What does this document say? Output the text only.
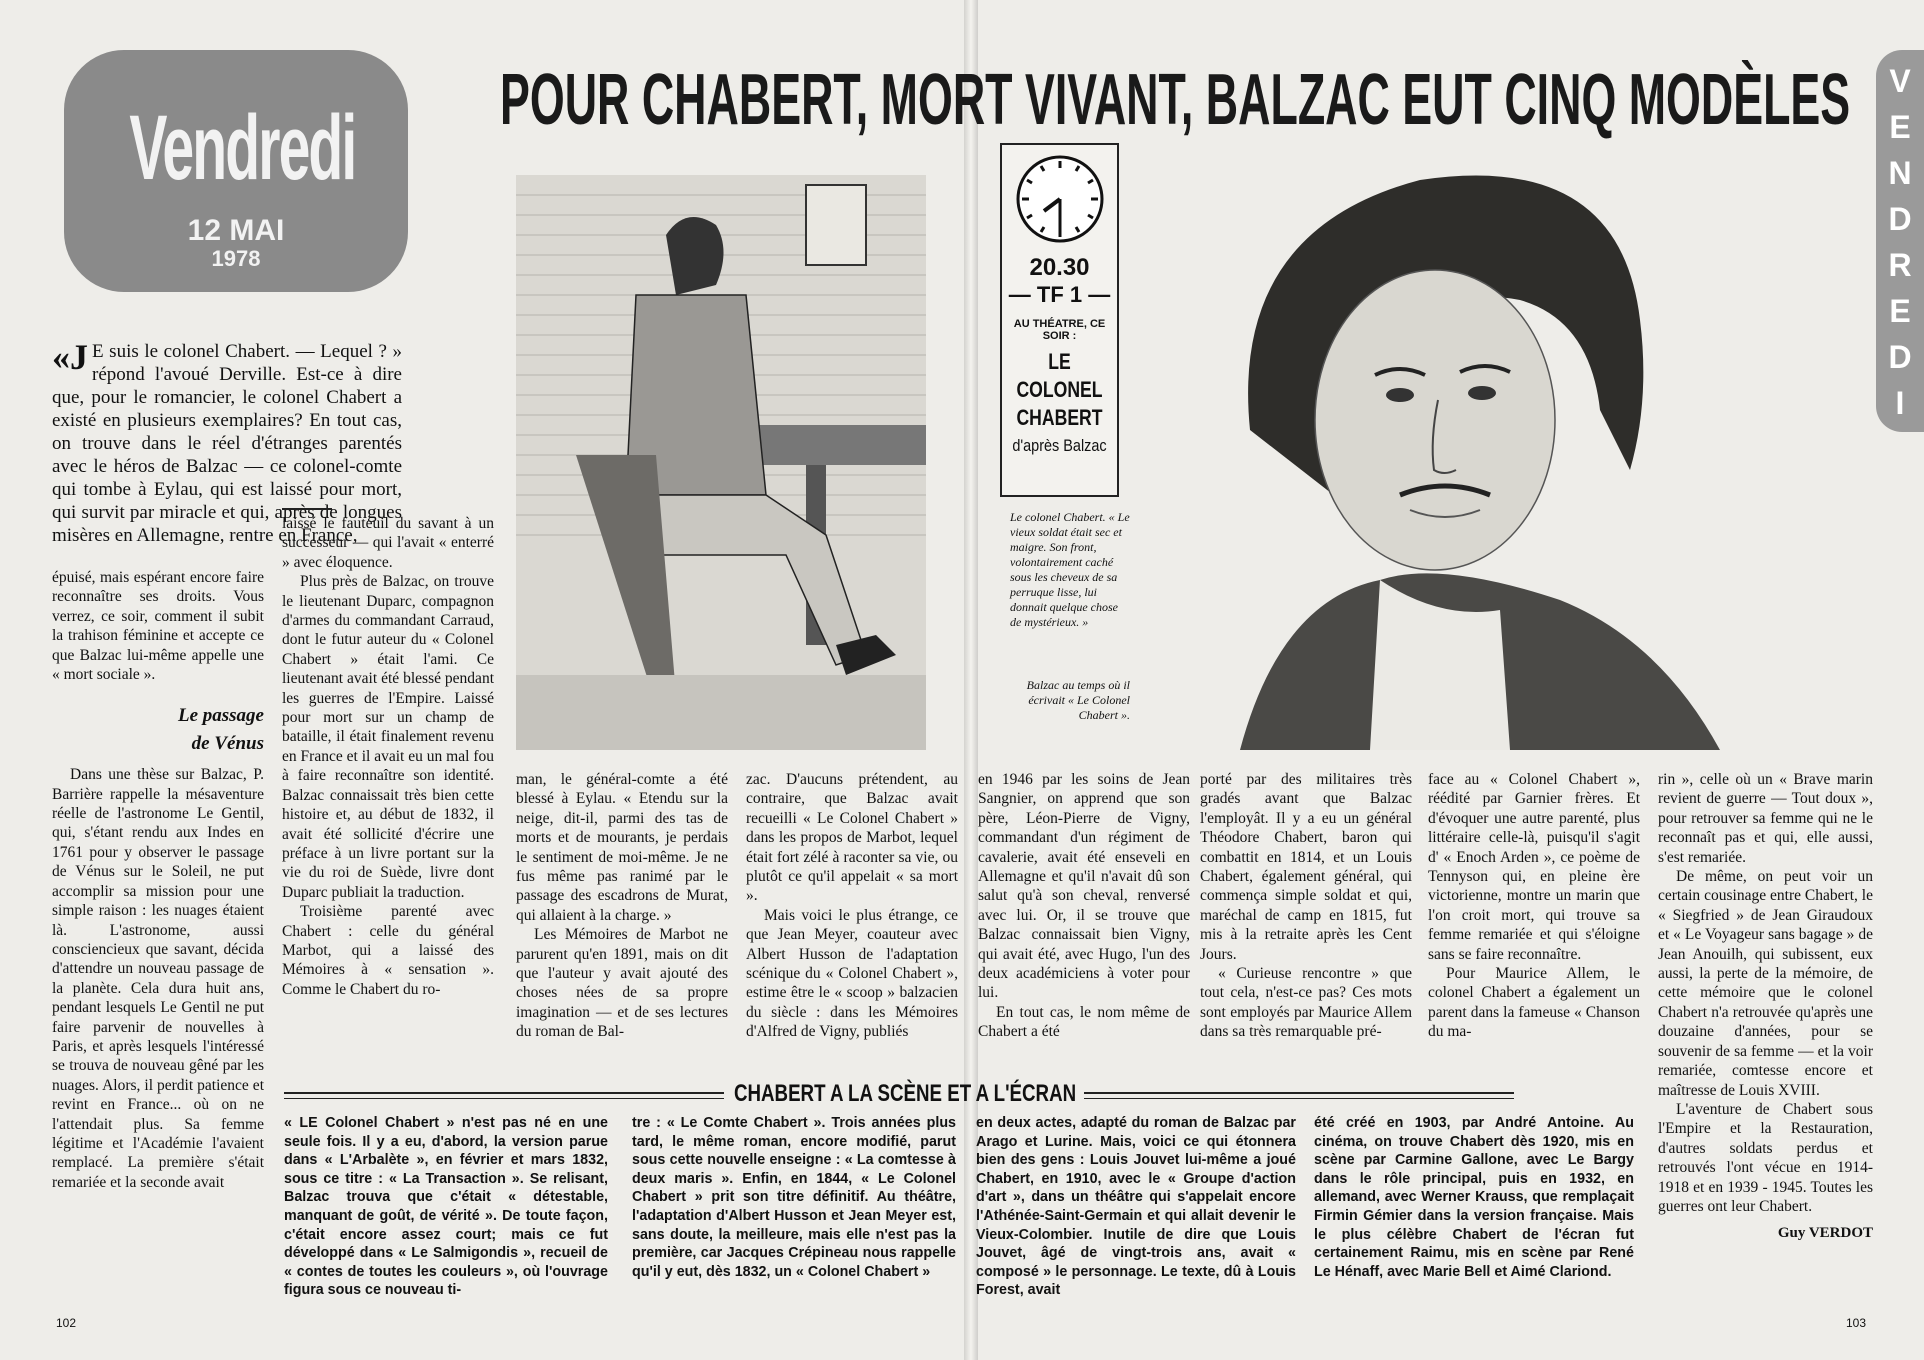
Vendredi
12 MAI
1978
POUR CHABERT, MORT VIVANT, BALZAC EUT CINQ MODÈLES	V
E
N
D
R
E
D
I
«J E suis le colonel Chabert. — Lequel ? » répond l'avoué Derville. Est-ce à dire que, pour le romancier, le colonel Chabert a existé en plusieurs exemplaires? En tout cas, on trouve dans le réel d'étranges parentés avec le héros de Balzac — ce colonel-comte qui tombe à Eylau, qui est laissé pour mort, qui survit par miracle et qui, après de longues misères en Allemagne, rentre en France,

épuisé, mais espérant encore faire reconnaître ses droits. Vous verrez, ce soir, comment il subit la trahison féminine et accepte ce que Balzac lui-même appelle une « mort sociale ».

Le passage
de Vénus

Dans une thèse sur Balzac, P. Barrière rappelle la mésaventure réelle de l'astronome Le Gentil, qui, s'étant rendu aux Indes en 1761 pour y observer le passage de Vénus sur le Soleil, ne put accomplir sa mission pour une simple raison : les nuages étaient là. L'astronome, aussi consciencieux que savant, décida d'attendre un nouveau passage de la planète. Cela dura huit ans, pendant lesquels Le Gentil ne put faire parvenir de nouvelles à Paris, et après lesquels l'intéressé se trouva de nouveau gêné par les nuages. Alors, il perdit patience et revint en France... où on ne l'attendait plus. Sa femme légitime et l'Académie l'avaient remplacé. La première s'était remariée et la seconde avait

laissé le fauteuil du savant à un successeur — qui l'avait « enterré » avec éloquence.

Plus près de Balzac, on trouve le lieutenant Duparc, compagnon d'armes du commandant Carraud, dont le futur auteur du « Colonel Chabert » était l'ami. Ce lieutenant avait été blessé pendant les guerres de l'Empire. Laissé pour mort sur un champ de bataille, il était finalement revenu en France et il avait eu un mal fou à faire reconnaître son identité. Balzac connaissait très bien cette histoire et, au début de 1832, il avait été sollicité d'écrire une préface à un livre portant sur la vie du roi de Suède, livre dont Duparc publiait la traduction.

Troisième parenté avec Chabert : celle du général Marbot, qui a laissé des Mémoires à « sensation ». Comme le Chabert du ro-

man, le général-comte a été blessé à Eylau. « Etendu sur la neige, dit-il, parmi des tas de morts et de mourants, je perdais le sentiment de moi-même. Je ne fus même pas ranimé par le passage des escadrons de Murat, qui allaient à la charge. »

Les Mémoires de Marbot ne parurent qu'en 1891, mais on dit que l'auteur y avait ajouté des choses nées de sa propre imagination — et de ses lectures du roman de Bal-

zac. D'aucuns prétendent, au contraire, que Balzac avait recueilli « Le Colonel Chabert » dans les propos de Marbot, lequel était fort zélé à raconter sa vie, ou plutôt ce qu'il appelait « sa mort ».

Mais voici le plus étrange, ce que Jean Meyer, coauteur avec Albert Husson de l'adaptation scénique du « Colonel Chabert », estime être le « scoop » balzacien du siècle : dans les Mémoires d'Alfred de Vigny, publiés

20.30
— TF 1 —
AU THÉATRE, CE SOIR :
LE COLONEL
CHABERT
d'après Balzac
Le colonel Chabert. « Le vieux soldat était sec et maigre. Son front, volontairement caché sous les cheveux de sa perruque lisse, lui donnait quelque chose de mystérieux. »
Balzac au temps où il écrivait « Le Colonel Chabert ».

en 1946 par les soins de Jean Sangnier, on apprend que son père, Léon-Pierre de Vigny, commandant d'un régiment de cavalerie, avait été enseveli en Allemagne et qu'il n'avait dû son salut qu'à son cheval, renversé avec lui. Or, il se trouve que Balzac connaissait bien Vigny, qui avait été, avec Hugo, l'un des deux académiciens à voter pour lui.

En tout cas, le nom même de Chabert a été

porté par des militaires très gradés avant que Balzac l'employât. Il y a eu un général Théodore Chabert, baron qui combattit en 1814, et un Louis Chabert, également général, qui commença simple soldat et qui, maréchal de camp en 1815, fut mis à la retraite après les Cent Jours.

« Curieuse rencontre » que tout cela, n'est-ce pas? Ces mots sont employés par Maurice Allem dans sa très remarquable pré-

face au « Colonel Chabert », réédité par Garnier frères. Et d'évoquer une autre parenté, plus littéraire celle-là, puisqu'il s'agit d' « Enoch Arden », ce poème de Tennyson qui, en pleine ère victorienne, montre un marin que l'on croit mort, qui trouve sa femme remariée et qui s'éloigne sans se faire reconnaître.

Pour Maurice Allem, le colonel Chabert a également un parent dans la fameuse « Chanson du ma-

rin », celle où un « Brave marin revient de guerre — Tout doux », pour retrouver sa femme qui ne le reconnaît pas et qui, elle aussi, s'est remariée.

De même, on peut voir un certain cousinage entre Chabert, le « Siegfried » de Jean Giraudoux et « Le Voyageur sans bagage » de Jean Anouilh, qui subissent, eux aussi, la perte de la mémoire, de cette mémoire que le colonel Chabert n'a retrouvée qu'après une douzaine d'années, pour se souvenir de sa femme — et la voir remariée, comtesse encore et maîtresse de Louis XVIII.

L'aventure de Chabert sous l'Empire et la Restauration, d'autres soldats perdus et retrouvés l'ont vécue en 1914-1918 et en 1939 - 1945. Toutes les guerres ont leur Chabert.

Guy VERDOT
CHABERT A LA SCÈNE ET A L'ÉCRAN
« LE Colonel Chabert » n'est pas né en une seule fois. Il y a eu, d'abord, la version parue dans « L'Arbalète », en février et mars 1832, sous ce titre : « La Transaction ». Se relisant, Balzac trouva que c'était « détestable, manquant de goût, de vérité ». De toute façon, c'était encore assez court; mais ce fut développé dans « Le Salmigondis », recueil de « contes de toutes les couleurs », où l'ouvrage figura sous ce nouveau ti-
tre : « Le Comte Chabert ». Trois années plus tard, le même roman, encore modifié, parut sous cette nouvelle enseigne : « La comtesse à deux maris ». Enfin, en 1844, « Le Colonel Chabert » prit son titre définitif. Au théâtre, l'adaptation d'Albert Husson et Jean Meyer est, sans doute, la meilleure, mais elle n'est pas la première, car Jacques Crépineau nous rappelle qu'il y eut, dès 1832, un « Colonel Chabert »
en deux actes, adapté du roman de Balzac par Arago et Lurine. Mais, voici ce qui étonnera bien des gens : Louis Jouvet lui-même a joué Chabert, en 1910, avec le « Groupe d'action d'art », dans un théâtre qui s'appelait encore l'Athénée-Saint-Germain et qui allait devenir le Vieux-Colombier. Inutile de dire que Louis Jouvet, âgé de vingt-trois ans, avait « composé » le personnage. Le texte, dû à Louis Forest, avait
été créé en 1903, par André Antoine. Au cinéma, on trouve Chabert dès 1920, mis en scène par Carmine Gallone, avec Le Bargy dans le rôle principal, puis en 1932, en allemand, avec Werner Krauss, que remplaçait Firmin Gémier dans la version française. Mais le plus célèbre Chabert de l'écran fut certainement Raimu, mis en scène par René Le Hénaff, avec Marie Bell et Aimé Clariond.
102	103
